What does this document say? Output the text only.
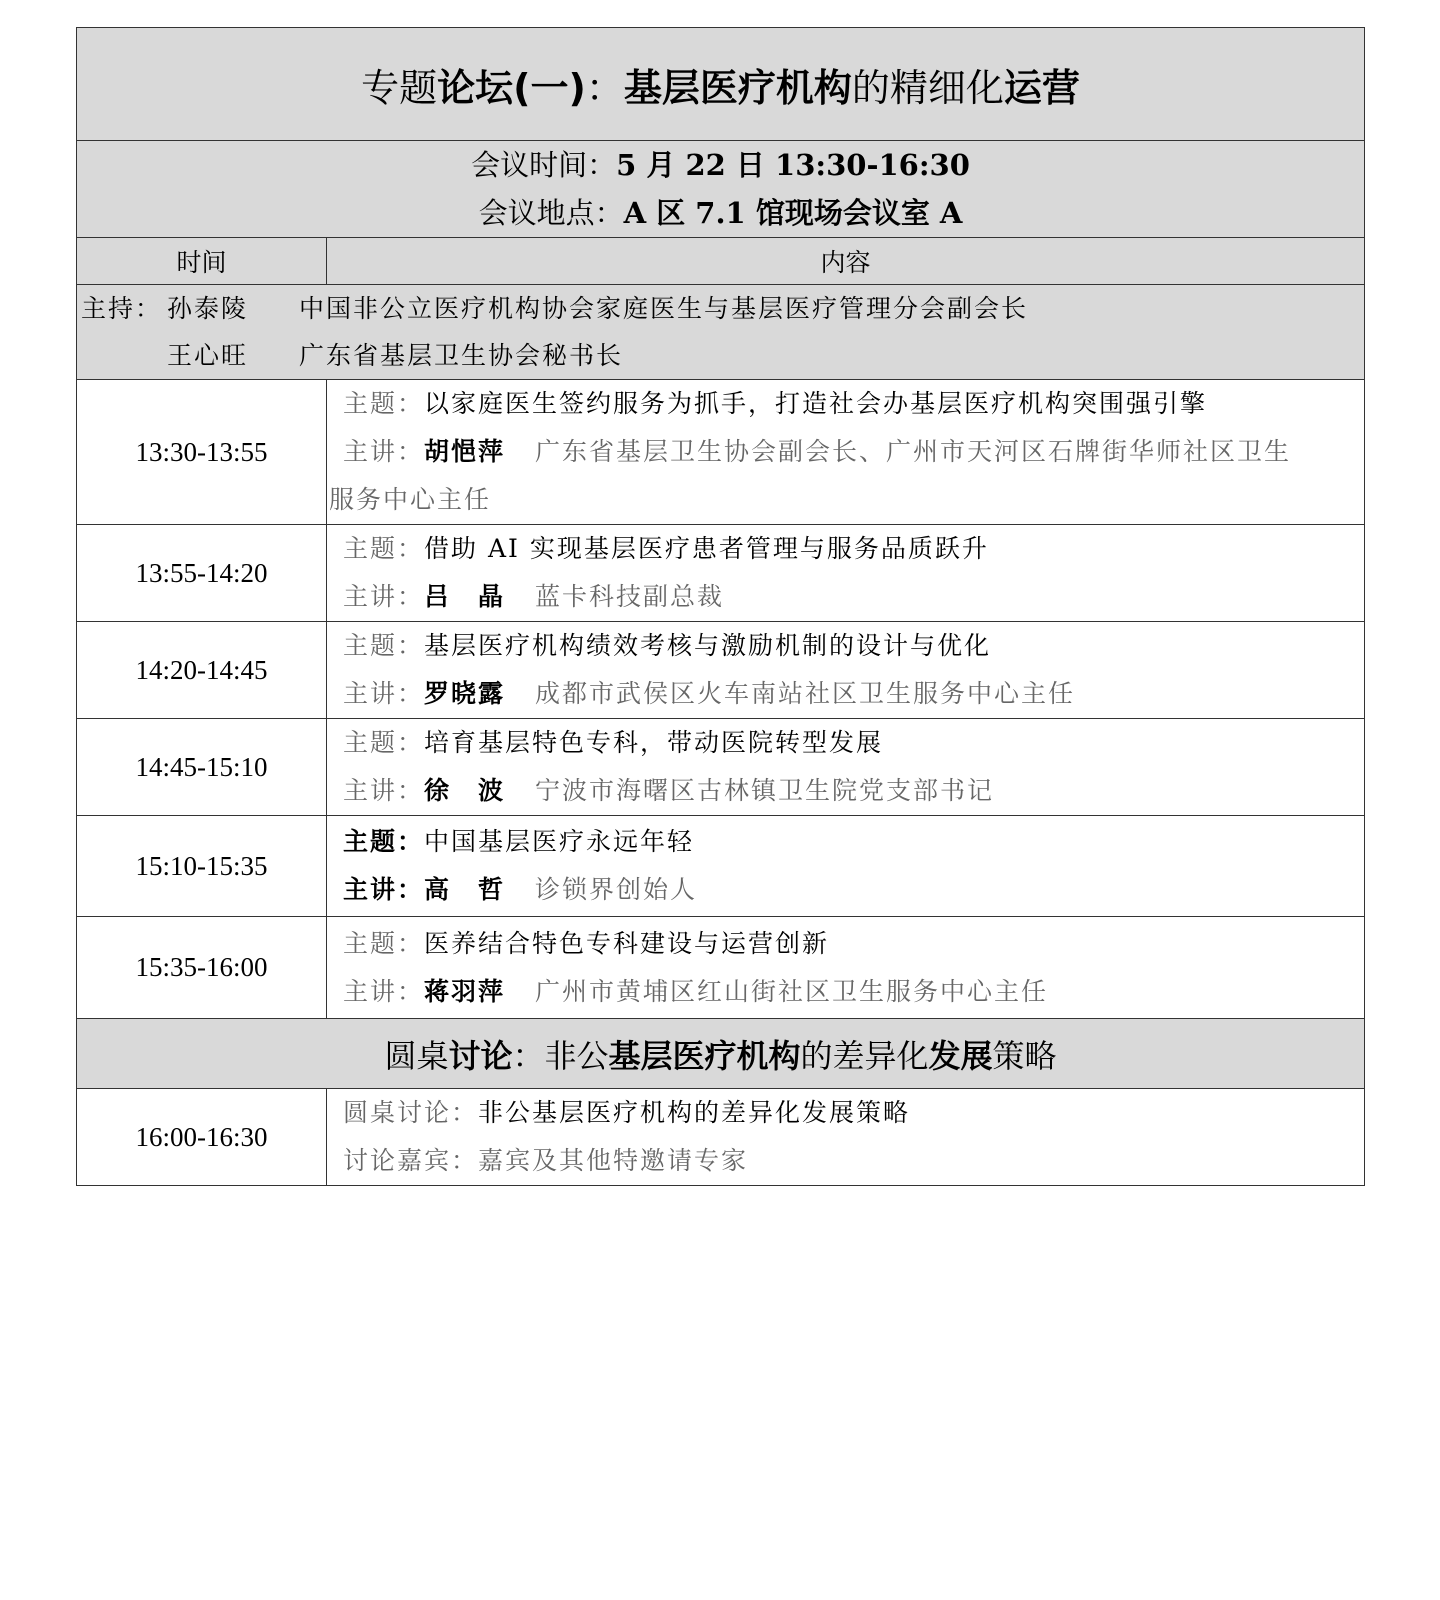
专题论坛(一)：基层医疗机构的精细化运营	

会议时间：5 月 22 日 13:30-16:30
会议地点：A 区 7.1 馆现场会议室 A	

时间	内容

主持： 孙泰陵 中国非公立医疗机构协会家庭医生与基层医疗管理分会副会长
王心旺 广东省基层卫生协会秘书长	

13:30-13:55	主题：以家庭医生签约服务为抓手，打造社会办基层医疗机构突围强引擎
主讲：胡悒萍 广东省基层卫生协会副会长、广州市天河区石牌街华师社区卫生
服务中心主任

13:55-14:20	主题：借助 AI 实现基层医疗患者管理与服务品质跃升
主讲：吕　晶 蓝卡科技副总裁

14:20-14:45	主题：基层医疗机构绩效考核与激励机制的设计与优化
主讲：罗晓露 成都市武侯区火车南站社区卫生服务中心主任

14:45-15:10	主题：培育基层特色专科，带动医院转型发展
主讲：徐　波 宁波市海曙区古林镇卫生院党支部书记

15:10-15:35	主题：中国基层医疗永远年轻
主讲：高　哲 诊锁界创始人

15:35-16:00	主题：医养结合特色专科建设与运营创新
主讲：蒋羽萍 广州市黄埔区红山街社区卫生服务中心主任

圆桌讨论：非公基层医疗机构的差异化发展策略	
16:00-16:30	圆桌讨论：非公基层医疗机构的差异化发展策略
讨论嘉宾：嘉宾及其他特邀请专家
